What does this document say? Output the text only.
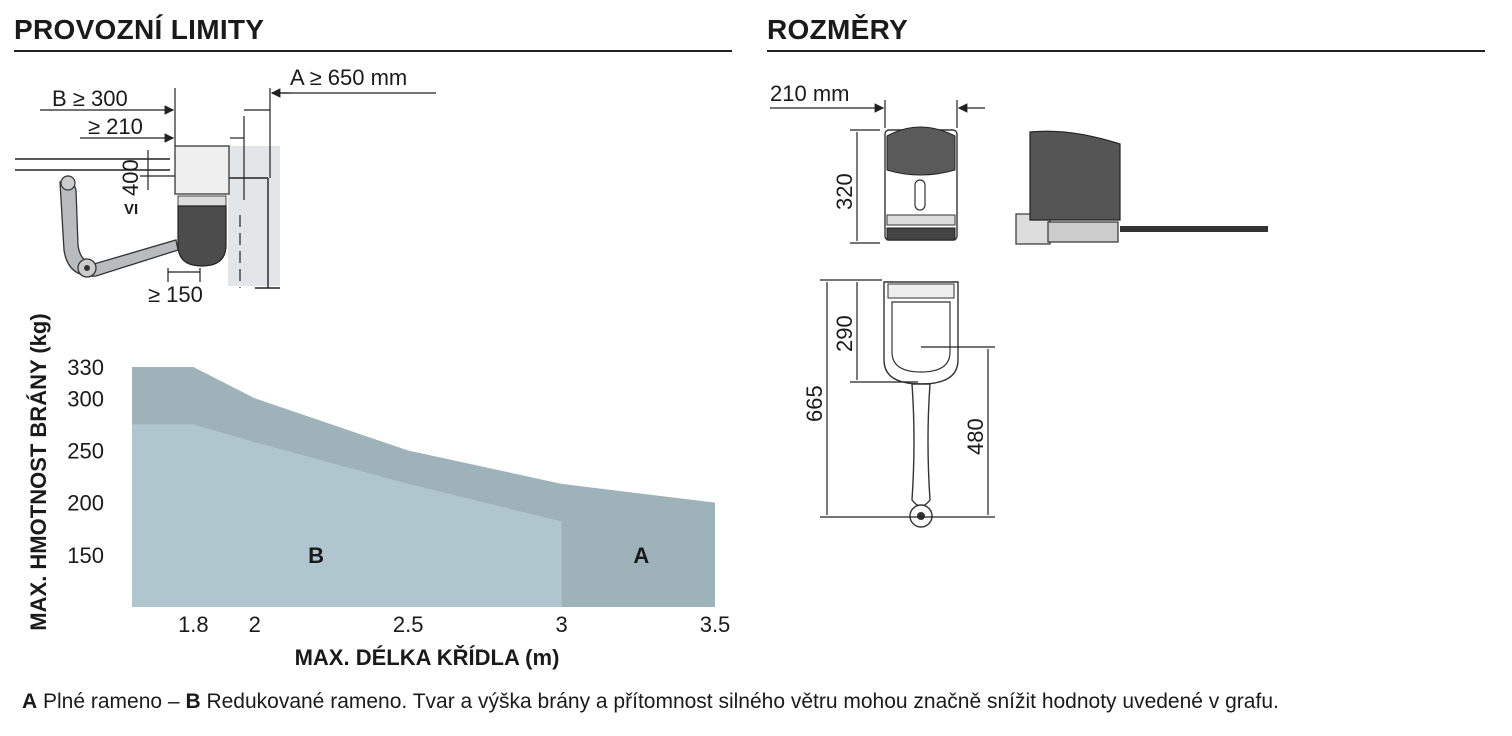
PROVOZNÍ LIMITY	ROZMĚRY
A ≥ 650 mm
B ≥ 300
≥ 210
400
VI
≥ 150
330
300
250
200
150
1.8 2	2.5	3	3.5
A
B
MAX. DÉLKA KŘÍDLA (m)
MAX. HMOTNOST BRÁNY (kg)
210 mm
320
290
665
480
A Plné rameno – B Redukované rameno. Tvar a výška brány a přítomnost silného větru mohou značně snížit hodnoty uvedené v grafu.
